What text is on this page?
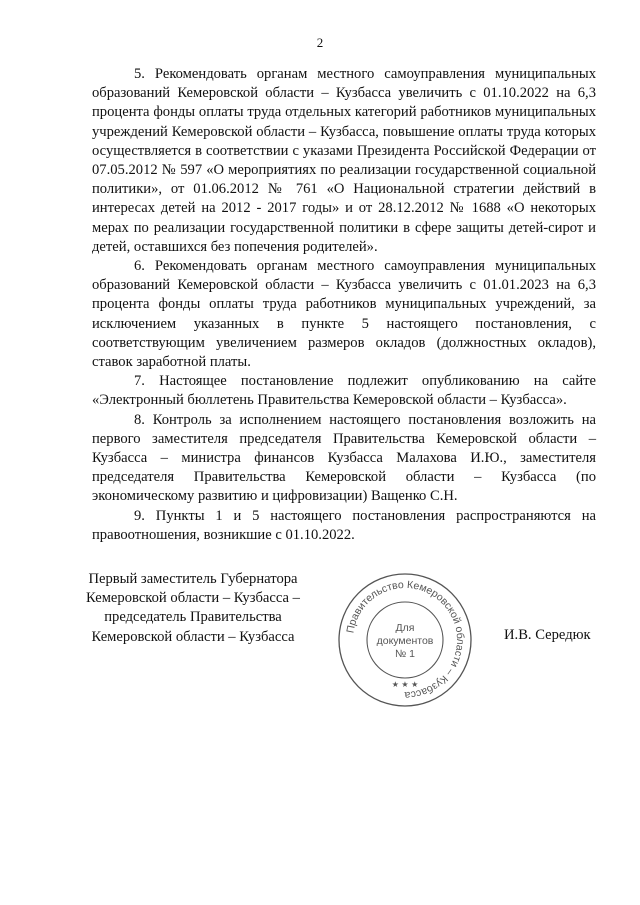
2

5. Рекомендовать органам местного самоуправления муниципальных образований Кемеровской области – Кузбасса увеличить с 01.10.2022 на 6,3 процента фонды оплаты труда отдельных категорий работников муниципальных учреждений Кемеровской области – Кузбасса, повышение оплаты труда которых осуществляется в соответствии с указами Президента Российской Федерации от 07.05.2012 № 597 «О мероприятиях по реализации государственной социальной политики», от 01.06.2012 № 761 «О Национальной стратегии действий в интересах детей на 2012 - 2017 годы» и от 28.12.2012 № 1688 «О некоторых мерах по реализации государственной политики в сфере защиты детей-сирот и детей, оставшихся без попечения родителей».

6. Рекомендовать органам местного самоуправления муниципальных образований Кемеровской области – Кузбасса увеличить с 01.01.2023 на 6,3 процента фонды оплаты труда работников муниципальных учреждений, за исключением указанных в пункте 5 настоящего постановления, с соответствующим увеличением размеров окладов (должностных окладов), ставок заработной платы.

7. Настоящее постановление подлежит опубликованию на сайте «Электронный бюллетень Правительства Кемеровской области – Кузбасса».

8. Контроль за исполнением настоящего постановления возложить на первого заместителя председателя Правительства Кемеровской области – Кузбасса – министра финансов Кузбасса Малахова И.Ю., заместителя председателя Правительства Кемеровской области – Кузбасса (по экономическому развитию и цифровизации) Ващенко С.Н.

9. Пункты 1 и 5 настоящего постановления распространяются на правоотношения, возникшие с 01.10.2022.

Первый заместитель Губернатора
Кемеровской области – Кузбасса –
председатель Правительства
Кемеровской области – Кузбасса	Правительство Кемеровской области – Кузбасса
★ ★ ★
Для
документов
№ 1
И.В. Середюк
